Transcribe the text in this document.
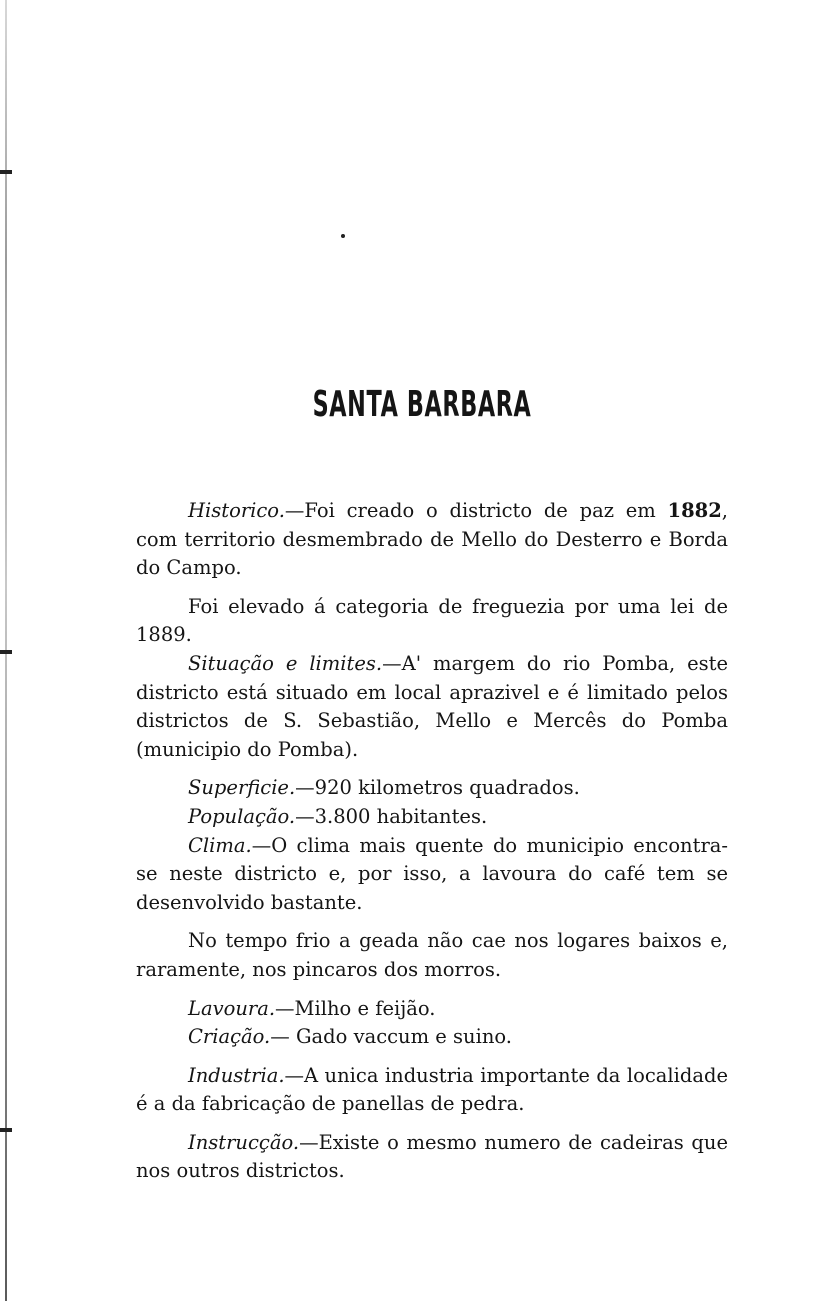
SANTA BARBARA

Historico.—Foi creado o districto de paz em 1882, com territorio desmembrado de Mello do Desterro e Borda do Campo.

Foi elevado á categoria de freguezia por uma lei de 1889.

Situação e limites.—A' margem do rio Pomba, este districto está situado em local aprazivel e é limitado pelos districtos de S. Sebastião, Mello e Mercês do Pomba (municipio do Pomba).

Superficie.—920 kilometros quadrados.

População.—3.800 habitantes.

Clima.—O clima mais quente do municipio encontra-se neste districto e, por isso, a lavoura do café tem se desenvolvido bastante.

No tempo frio a geada não cae nos logares baixos e, raramente, nos pincaros dos morros.

Lavoura.—Milho e feijão.

Criação.— Gado vaccum e suino.

Industria.—A unica industria importante da localidade é a da fabricação de panellas de pedra.

Instrucção.—Existe o mesmo numero de cadeiras que nos outros districtos.
